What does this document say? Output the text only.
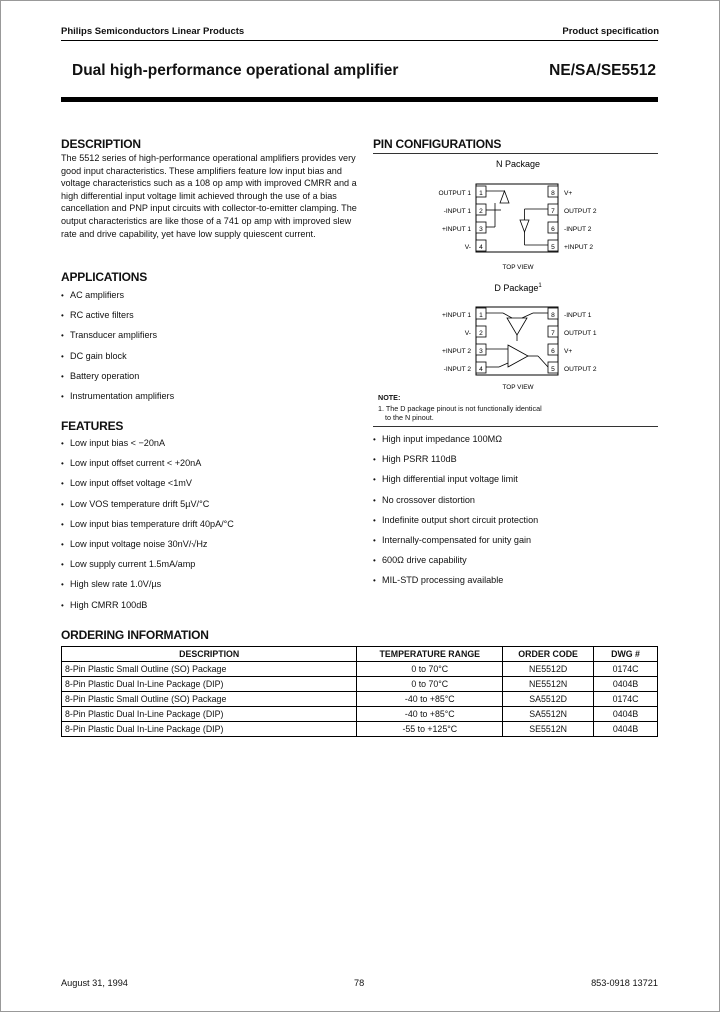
Philips Semiconductors Linear Products	Product specification
Dual high-performance operational amplifier	NE/SA/SE5512
DESCRIPTION
The 5512 series of high-performance operational amplifiers provides very good input characteristics. These amplifiers feature low input bias and voltage characteristics such as a 108 op amp with improved CMRR and a high differential input voltage limit achieved through the use of a bias cancellation and PNP input circuits with collector-to-emitter clamping. The output characteristics are like those of a 741 op amp with improved slew rate and drive capability, yet have low supply quiescent current.
APPLICATIONS
• AC amplifiers
• RC active filters
• Transducer amplifiers
• DC gain block
• Battery operation
• Instrumentation amplifiers
FEATURES
• Low input bias < −20nA
• Low input offset current < +20nA
• Low input offset voltage <1mV
• Low VOS temperature drift 5µV/°C
• Low input bias temperature drift 40pA/°C
• Low input voltage noise 30nV/√Hz
• Low supply current 1.5mA/amp
• High slew rate 1.0V/µs
• High CMRR 100dB
PIN CONFIGURATIONS
N Package
1
2
3
4
OUTPUT 1
-INPUT 1
+INPUT 1
V-
8
7
6
5
V+
OUTPUT 2
-INPUT 2
+INPUT 2
TOP VIEW
D Package$^1$
1
2
3
4
+INPUT 1
V-
+INPUT 2
-INPUT 2
8
7
6
5
-INPUT 1
OUTPUT 1
V+
OUTPUT 2
TOP VIEW
NOTE:
1. The D package pinout is not functionally identical
to the N pinout.
• High input impedance 100MΩ
• High PSRR 110dB
• High differential input voltage limit
• No crossover distortion
• Indefinite output short circuit protection
• Internally-compensated for unity gain
• 600Ω drive capability
• MIL-STD processing available
ORDERING INFORMATION
DESCRIPTION	TEMPERATURE RANGE	ORDER CODE	DWG #
8-Pin Plastic Small Outline (SO) Package	0 to 70°C	NE5512D	0174C
8-Pin Plastic Dual In-Line Package (DIP)	0 to 70°C	NE5512N	0404B
8-Pin Plastic Small Outline (SO) Package	-40 to +85°C	SA5512D	0174C
8-Pin Plastic Dual In-Line Package (DIP)	-40 to +85°C	SA5512N	0404B
8-Pin Plastic Dual In-Line Package (DIP)	-55 to +125°C	SE5512N	0404B
August 31, 1994	78	853-0918 13721
